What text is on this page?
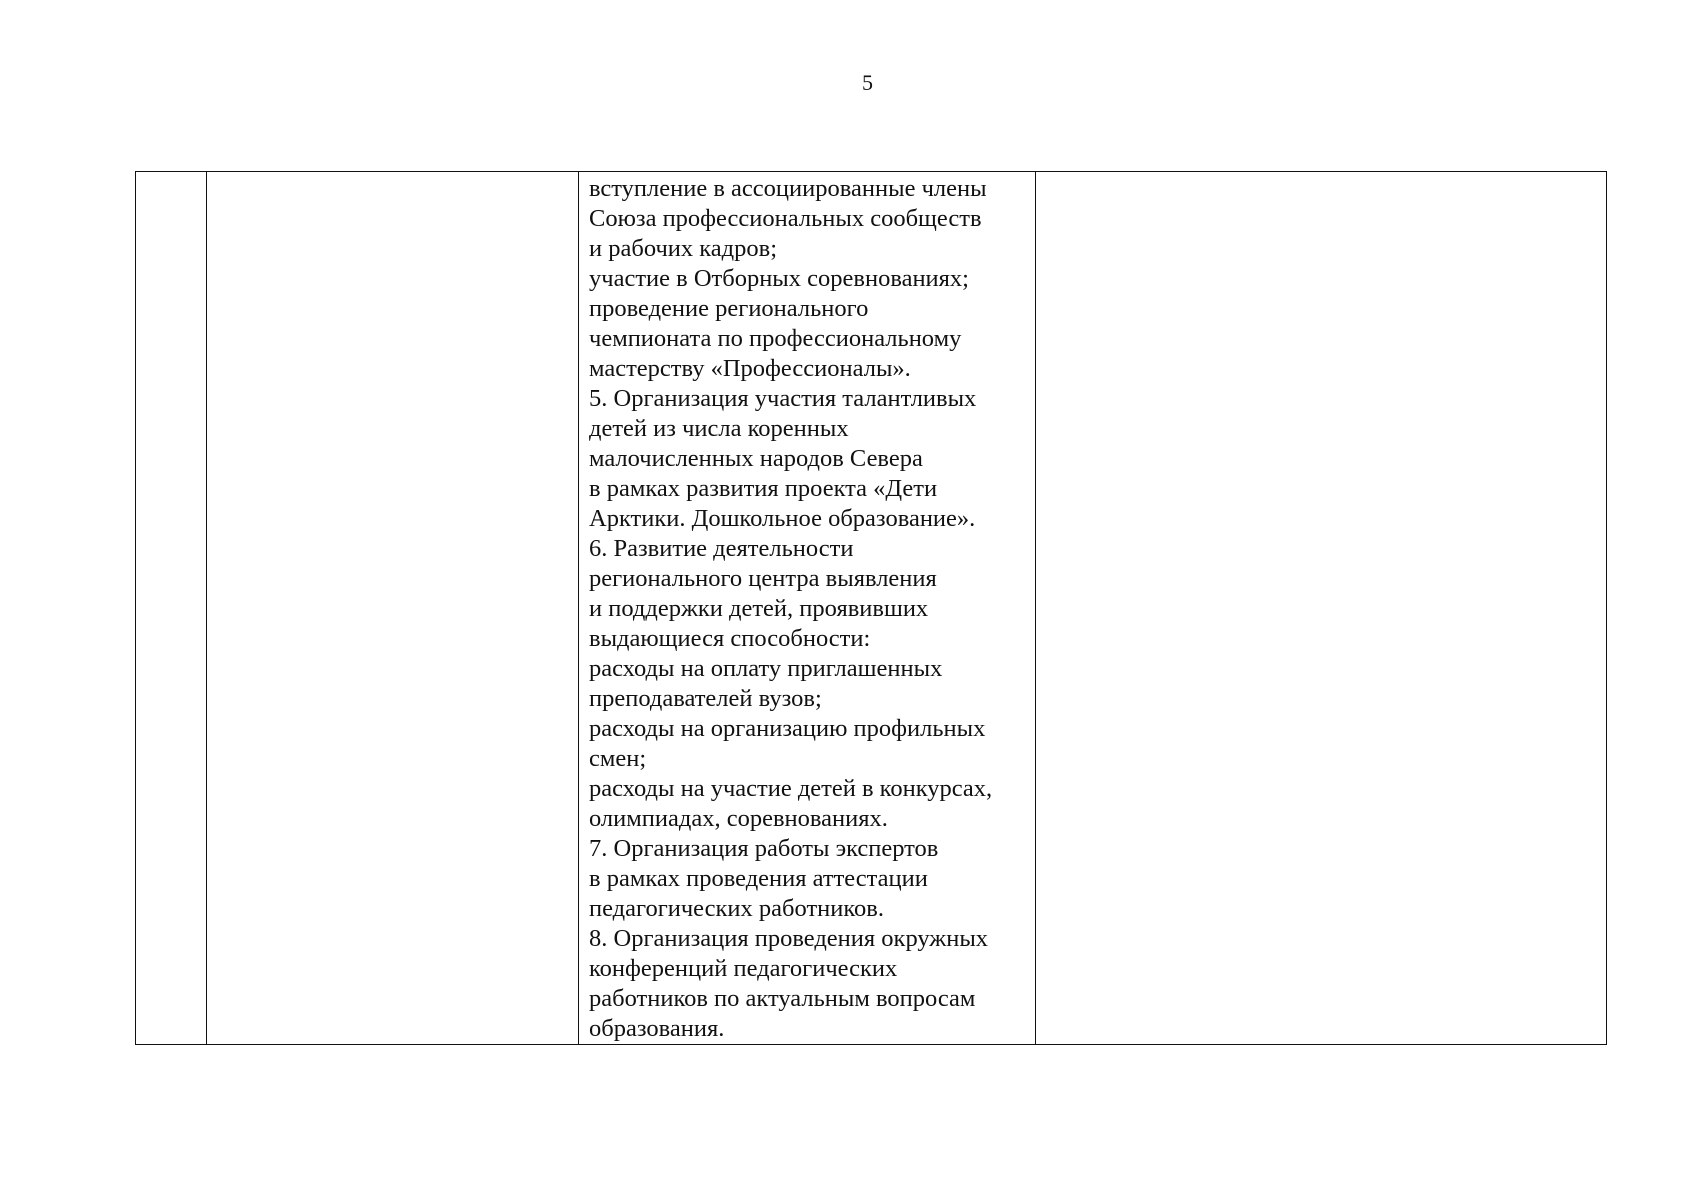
5

вступление в ассоциированные члены
Союза профессиональных сообществ
и рабочих кадров;
участие в Отборных соревнованиях;
проведение регионального
чемпионата по профессиональному
мастерству «Профессионалы».
5. Организация участия талантливых
детей из числа коренных
малочисленных народов Севера
в рамках развития проекта «Дети
Арктики. Дошкольное образование».
6. Развитие деятельности
регионального центра выявления
и поддержки детей, проявивших
выдающиеся способности:
расходы на оплату приглашенных
преподавателей вузов;
расходы на организацию профильных
смен;
расходы на участие детей в конкурсах,
олимпиадах, соревнованиях.
7. Организация работы экспертов
в рамках проведения аттестации
педагогических работников.
8. Организация проведения окружных
конференций педагогических
работников по актуальным вопросам
образования.
